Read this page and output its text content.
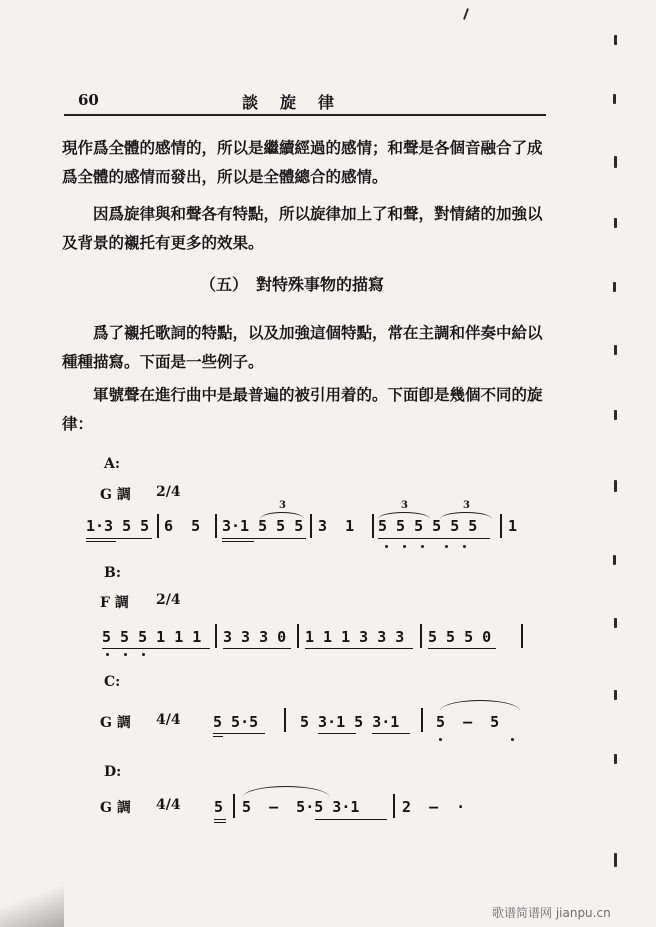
60	談旋律
現作爲全體的感情的，所以是繼續經過的感情；和聲是各個音融合了成爲全體的感情而發出，所以是全體總合的感情。
因爲旋律與和聲各有特點，所以旋律加上了和聲，對情緒的加強以及背景的襯托有更多的效果。
（五）　對特殊事物的描寫
爲了襯托歌詞的特點，以及加強這個特點，常在主調和伴奏中給以種種描寫。下面是一些例子。
軍號聲在進行曲中是最普遍的被引用着的。下面卽是幾個不同的旋律：
A:
G 調 2/4
1·3 5 5 6  5 3·1 5 5 5 3  1 5 5 5 5 5 5 1
3	3	3
B:
F 調 2/4
5 5 5 1 1 1 3 3 3 0 1 1 1 3 3 3 5 5 5 0
C:
G 調 4/4 5 5·5	5 3·1 5 3·1 5  —  5
D:
G 調 4/4 5 5  —  5·5 3·1	2  —  ·
歌谱简谱网 jianpu.cn
